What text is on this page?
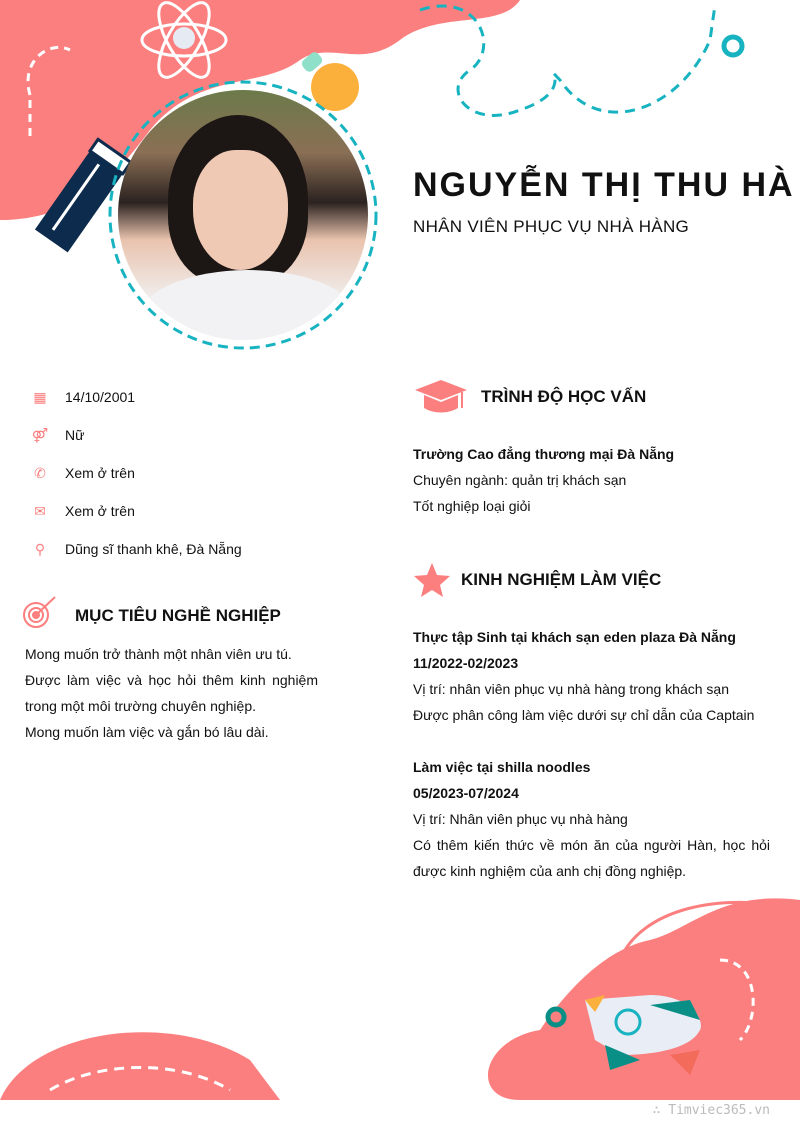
NGUYỄN THỊ THU HÀ
NHÂN VIÊN PHỤC VỤ NHÀ HÀNG
▦ 14/10/2001
⚤ Nữ
✆ Xem ở trên
✉ Xem ở trên
⚲	Dũng sĩ thanh khê, Đà Nẵng
MỤC TIÊU NGHỀ NGHIỆP
Mong muốn trở thành một nhân viên ưu tú.
Được làm việc và học hỏi thêm kinh nghiệm
trong một môi trường chuyên nghiệp.
Mong muốn làm việc và gắn bó lâu dài.
TRÌNH ĐỘ HỌC VẤN
Trường Cao đẳng thương mại Đà Nẵng
Chuyên ngành: quản trị khách sạn
Tốt nghiệp loại giỏi
KINH NGHIỆM LÀM VIỆC
Thực tập Sinh tại khách sạn eden plaza Đà Nẵng
11/2022-02/2023
Vị trí: nhân viên phục vụ nhà hàng trong khách sạn
Được phân công làm việc dưới sự chỉ dẫn của Captain
Làm việc tại shilla noodles
05/2023-07/2024
Vị trí: Nhân viên phục vụ nhà hàng
Có thêm kiến thức về món ăn của người Hàn, học hỏi
được kinh nghiệm của anh chị đồng nghiệp.
∴ Timviec365.vn
